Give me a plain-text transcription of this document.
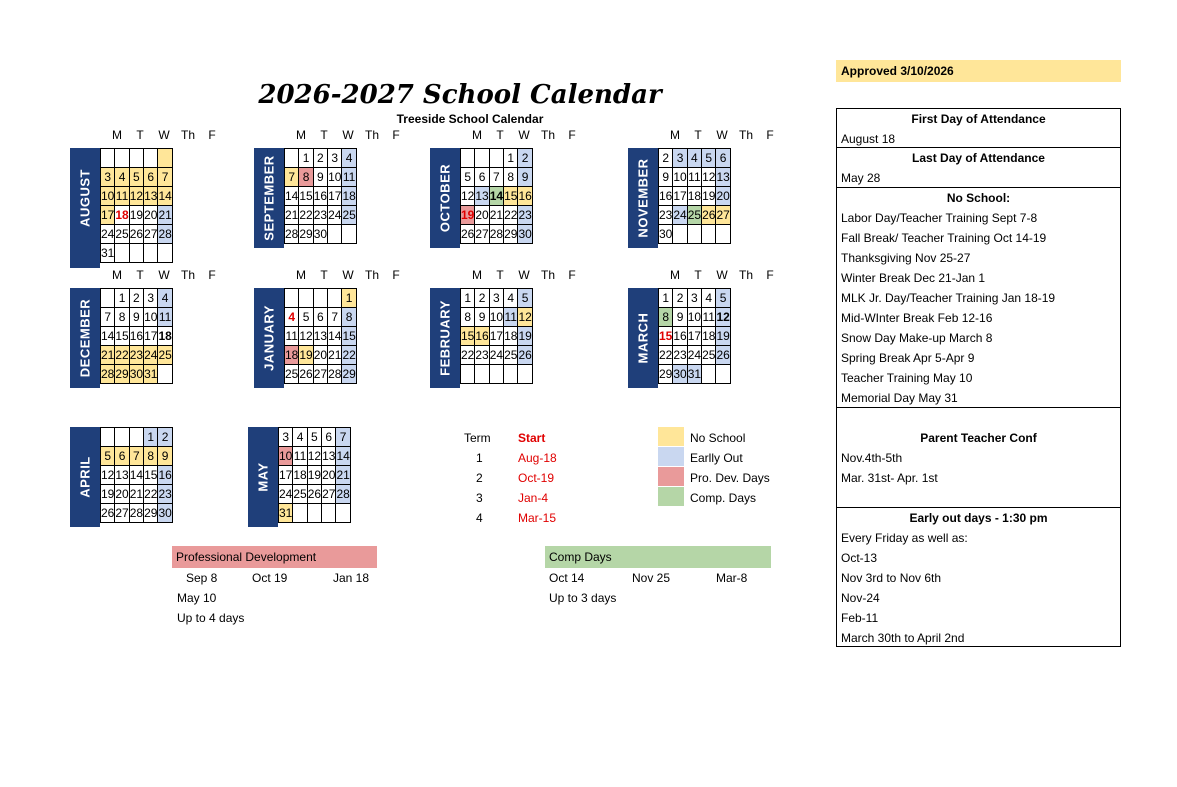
2026-2027 School Calendar
Treeside School Calendar
M	T	W Th	F
AUGUST
				3	4	5	6	7
10	11	12	13	14
17	18	19	20	21
24	25	26	27	28
31				
M	T	W Th	F
SEPTEMBER
	1	2	3	4
7	8	9	10	11
14	15	16	17	18
21	22	23	24	25
28	29	30		
M	T	W Th	F
OCTOBER
			1	2
5	6	7	8	9
12	13	14	15	16
19	20	21	22	23
26	27	28	29	30
M	T	W Th	F
NOVEMBER
2	3	4	5	6
9	10	11	12	13
16	17	18	19	20
23	24	25	26	27
30				
M	T	W Th	F
DECEMBER
	1	2	3	4
7	8	9	10	11
14	15	16	17	18
21	22	23	24	25
28	29	30	31	
M	T	W Th	F
JANUARY
				1
4	5	6	7	8
11	12	13	14	15
18	19	20	21	22
25	26	27	28	29
M	T	W Th	F
FEBRUARY
1	2	3	4	5
8	9	10	11	12
15	16	17	18	19
22	23	24	25	26

M	T	W Th	F
MARCH
1	2	3	4	5
8	9	10	11	12
15	16	17	18	19
22	23	24	25	26
29	30	31		
APRIL
			1	2
5	6	7	8	9
12	13	14	15	16
19	20	21	22	23
26	27	28	29	30
MAY
3	4	5	6	7
10	11	12	13	14
17	18	19	20	21
24	25	26	27	28
31				
Term Start
1	Aug-18
2	Oct-19
3	Jan-4
4	Mar-15
No School
Earlly Out
Pro. Dev. Days
Comp. Days
Professional Development
Sep 8	Oct 19	Jan 18
May 10
Up to 4 days
Comp Days
Oct 14	Nov 25	Mar-8
Up to 3 days
Approved 3/10/2026
First Day of Attendance
August 18
Last Day of Attendance
May 28
No School:
Labor Day/Teacher Training Sept 7-8
Fall Break/ Teacher Training Oct 14-19
Thanksgiving Nov 25-27
Winter Break Dec 21-Jan 1
MLK Jr. Day/Teacher Training Jan 18-19
Mid-WInter Break Feb 12-16
Snow Day Make-up March 8
Spring Break Apr 5-Apr 9
Teacher Training May 10
Memorial Day May 31
Parent Teacher Conf
Nov.4th-5th
Mar. 31st- Apr. 1st
Early out days - 1:30 pm
Every Friday as well as:
Oct-13
Nov 3rd to Nov 6th
Nov-24
Feb-11
March 30th to April 2nd
